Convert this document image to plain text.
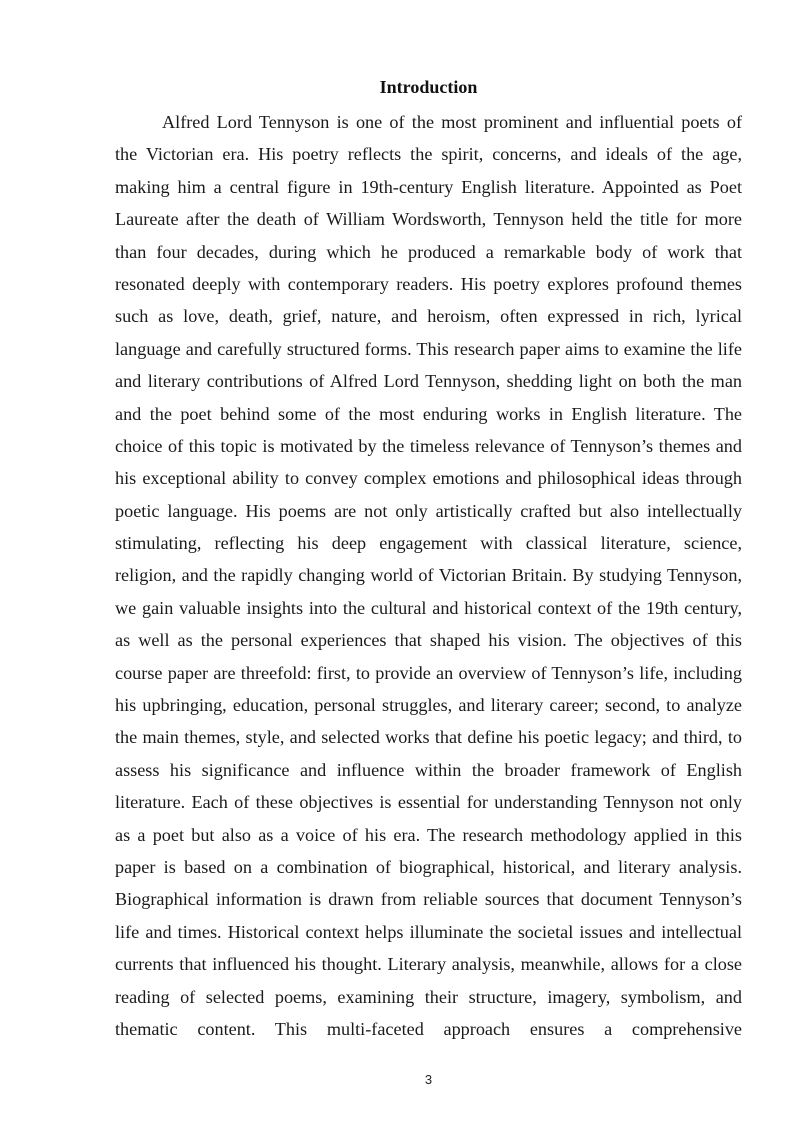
Introduction
Alfred Lord Tennyson is one of the most prominent and influential poets of
the Victorian era. His poetry reflects the spirit, concerns, and ideals of the age,
making him a central figure in 19th-century English literature. Appointed as Poet
Laureate after the death of William Wordsworth, Tennyson held the title for more
than four decades, during which he produced a remarkable body of work that
resonated deeply with contemporary readers. His poetry explores profound themes
such as love, death, grief, nature, and heroism, often expressed in rich, lyrical
language and carefully structured forms. This research paper aims to examine the life
and literary contributions of Alfred Lord Tennyson, shedding light on both the man
and the poet behind some of the most enduring works in English literature. The
choice of this topic is motivated by the timeless relevance of Tennyson’s themes and
his exceptional ability to convey complex emotions and philosophical ideas through
poetic language. His poems are not only artistically crafted but also intellectually
stimulating, reflecting his deep engagement with classical literature, science,
religion, and the rapidly changing world of Victorian Britain. By studying Tennyson,
we gain valuable insights into the cultural and historical context of the 19th century,
as well as the personal experiences that shaped his vision. The objectives of this
course paper are threefold: first, to provide an overview of Tennyson’s life, including
his upbringing, education, personal struggles, and literary career; second, to analyze
the main themes, style, and selected works that define his poetic legacy; and third, to
assess his significance and influence within the broader framework of English
literature. Each of these objectives is essential for understanding Tennyson not only
as a poet but also as a voice of his era. The research methodology applied in this
paper is based on a combination of biographical, historical, and literary analysis.
Biographical information is drawn from reliable sources that document Tennyson’s
life and times. Historical context helps illuminate the societal issues and intellectual
currents that influenced his thought. Literary analysis, meanwhile, allows for a close
reading of selected poems, examining their structure, imagery, symbolism, and
thematic content. This multi-faceted approach ensures a comprehensive
3
